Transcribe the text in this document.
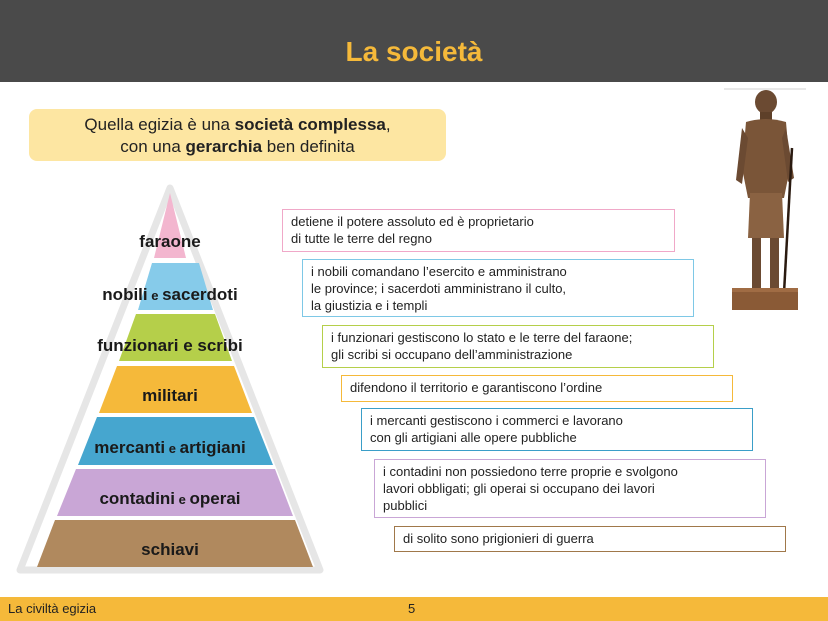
La società
Quella egizia è una società complessa,
con una gerarchia ben definita
faraone
nobili e sacerdoti
funzionari e scribi
militari
mercanti e artigiani
contadini e operai
schiavi
detiene il potere assoluto ed è proprietario
di tutte le terre del regno
i nobili comandano l’esercito e amministrano
le province; i sacerdoti amministrano il culto,
la giustizia e i templi
i funzionari gestiscono lo stato e le terre del faraone;
gli scribi si occupano dell’amministrazione
difendono il territorio e garantiscono l’ordine
i mercanti gestiscono i commerci e lavorano
con gli artigiani alle opere pubbliche
i contadini non possiedono terre proprie e svolgono
lavori obbligati; gli operai si occupano dei lavori
pubblici
di solito sono prigionieri di guerra
La civiltà egizia	5
